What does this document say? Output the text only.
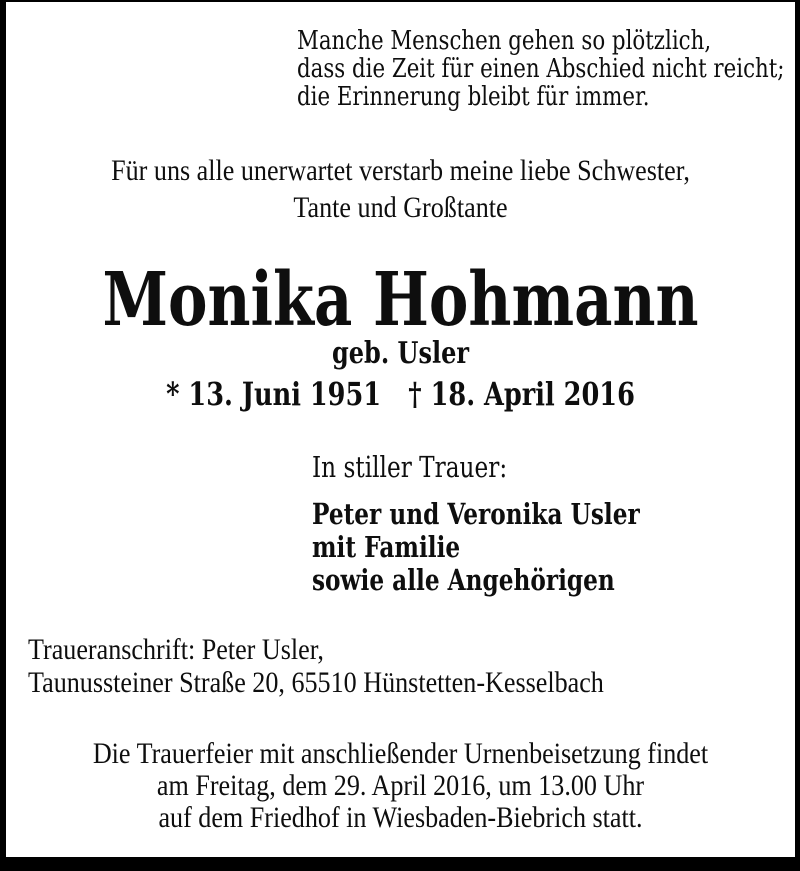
Manche Menschen gehen so plötzlich,
dass die Zeit für einen Abschied nicht reicht;
die Erinnerung bleibt für immer.
Für uns alle unerwartet verstarb meine liebe Schwester,
Tante und Großtante
Monika Hohmann
geb. Usler
* 13. Juni 1951 † 18. April 2016
In stiller Trauer:
Peter und Veronika Usler
mit Familie
sowie alle Angehörigen
Traueranschrift: Peter Usler,
Taunussteiner Straße 20, 65510 Hünstetten-Kesselbach
Die Trauerfeier mit anschließender Urnenbeisetzung findet
am Freitag, dem 29. April 2016, um 13.00 Uhr
auf dem Friedhof in Wiesbaden-Biebrich statt.
